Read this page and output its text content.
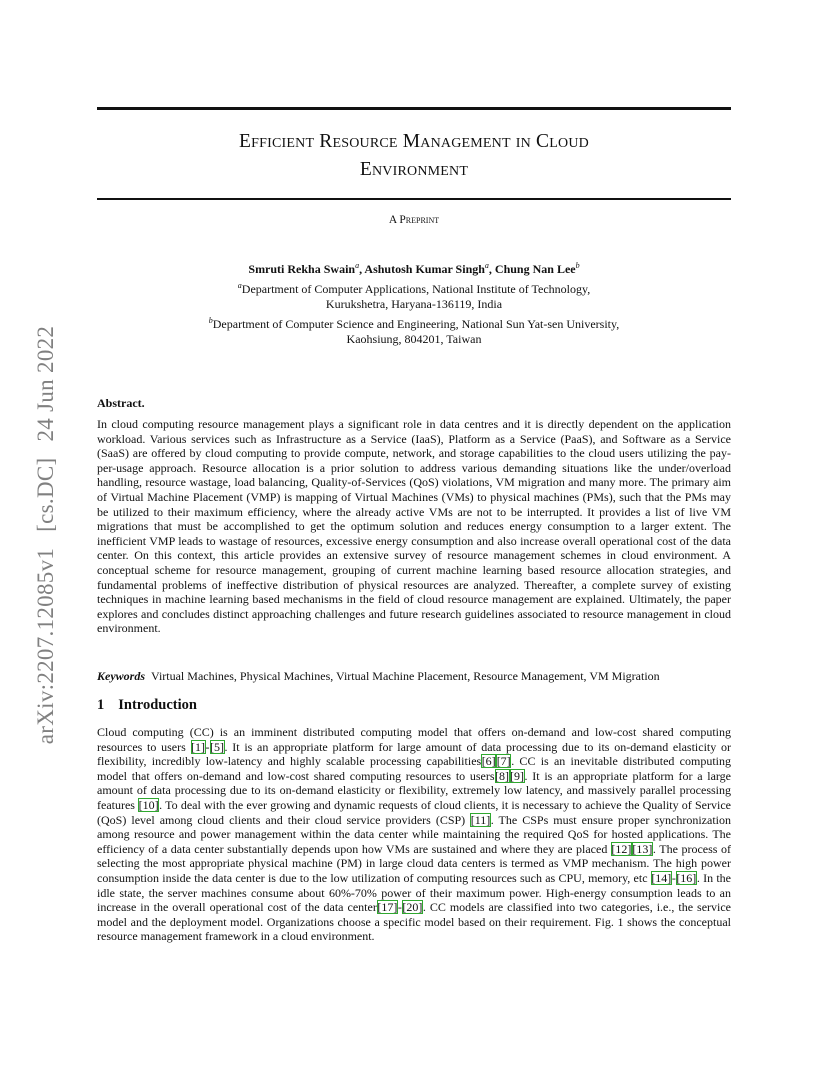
arXiv:2207.12085v1[cs.DC]24 Jun 2022
Efficient Resource Management in Cloud
Environment
A Preprint
Smruti Rekha Swain$^a$, Ashutosh Kumar Singh$^a$, Chung Nan Lee$^b$
$^a$Department of Computer Applications, National Institute of Technology,
Kurukshetra, Haryana-136119, India
$^b$Department of Computer Science and Engineering, National Sun Yat-sen University,
Kaohsiung, 804201, Taiwan
Abstract.
In cloud computing resource management plays a significant role in data centres and it is directly dependent on the application workload. Various services such as Infrastructure as a Service (IaaS), Platform as a Service (PaaS), and Software as a Service (SaaS) are offered by cloud computing to provide compute, network, and storage capabilities to the cloud users utilizing the pay-per-usage approach. Resource allocation is a prior solution to address various demanding situations like the under/overload handling, resource wastage, load balancing, Quality-of-Services (QoS) violations, VM migration and many more. The primary aim of Virtual Machine Placement (VMP) is mapping of Virtual Machines (VMs) to physical machines (PMs), such that the PMs may be utilized to their maximum efficiency, where the already active VMs are not to be interrupted. It provides a list of live VM migrations that must be accomplished to get the optimum solution and reduces energy consumption to a larger extent. The inefficient VMP leads to wastage of resources, excessive energy consumption and also increase overall operational cost of the data center. On this context, this article provides an extensive survey of resource management schemes in cloud environment. A conceptual scheme for resource management, grouping of current machine learning based resource allocation strategies, and fundamental problems of ineffective distribution of physical resources are analyzed. Thereafter, a complete survey of existing techniques in machine learning based mechanisms in the field of cloud resource management are explained. Ultimately, the paper explores and concludes distinct approaching challenges and future research guidelines associated to resource management in cloud environment.
Keywords Virtual Machines, Physical Machines, Virtual Machine Placement, Resource Management, VM Migration
1 Introduction
Cloud computing (CC) is an imminent distributed computing model that offers on-demand and low-cost shared computing resources to users [1]-[5]. It is an appropriate platform for large amount of data processing due to its on-demand elasticity or flexibility, incredibly low-latency and highly scalable processing capabilities[6][7]. CC is an inevitable distributed computing model that offers on-demand and low-cost shared computing resources to users[8][9]. It is an appropriate platform for a large amount of data processing due to its on-demand elasticity or flexibility, extremely low latency, and massively parallel processing features [10]. To deal with the ever growing and dynamic requests of cloud clients, it is necessary to achieve the Quality of Service (QoS) level among cloud clients and their cloud service providers (CSP) [11]. The CSPs must ensure proper synchronization among resource and power management within the data center while maintaining the required QoS for hosted applications. The efficiency of a data center substantially depends upon how VMs are sustained and where they are placed [12][13]. The process of selecting the most appropriate physical machine (PM) in large cloud data centers is termed as VMP mechanism. The high power consumption inside the data center is due to the low utilization of computing resources such as CPU, memory, etc [14]-[16]. In the idle state, the server machines consume about 60%-70% power of their maximum power. High-energy consumption leads to an increase in the overall operational cost of the data center[17]-[20]. CC models are classified into two categories, i.e., the service model and the deployment model. Organizations choose a specific model based on their requirement. Fig. 1 shows the conceptual resource management framework in a cloud environment.
